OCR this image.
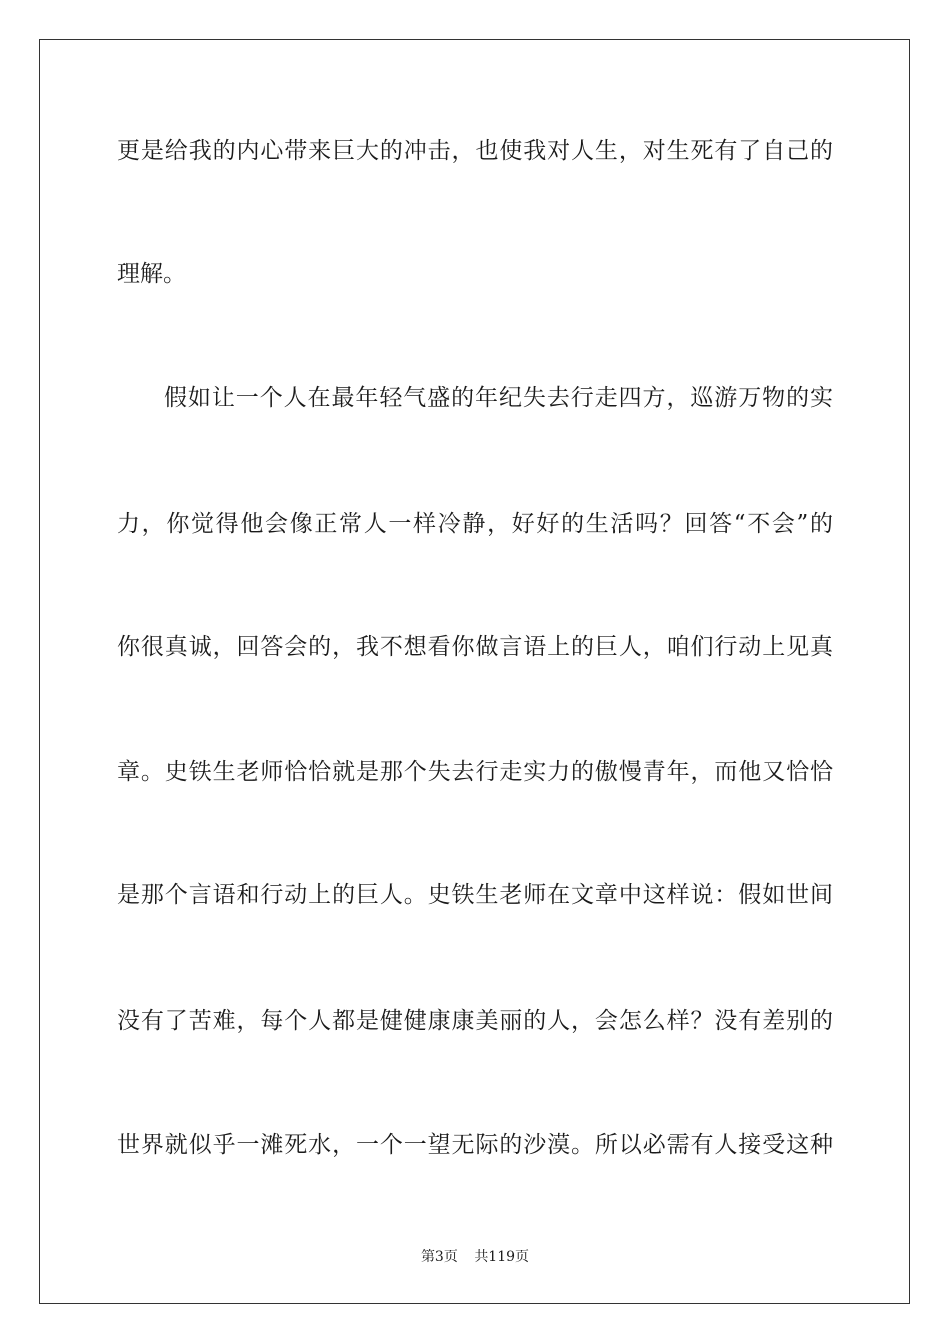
更是给我的内心带来巨大的冲击，也使我对人生，对生死有了自己的
理解。
假如让一个人在最年轻气盛的年纪失去行走四方，巡游万物的实
力，你觉得他会像正常人一样冷静，好好的生活吗？回答“不会”的
你很真诚，回答会的，我不想看你做言语上的巨人，咱们行动上见真
章。史铁生老师恰恰就是那个失去行走实力的傲慢青年，而他又恰恰
是那个言语和行动上的巨人。史铁生老师在文章中这样说：假如世间
没有了苦难，每个人都是健健康康美丽的人，会怎么样？没有差别的
世界就似乎一滩死水，一个一望无际的沙漠。所以必需有人接受这种
第3页 共119页
